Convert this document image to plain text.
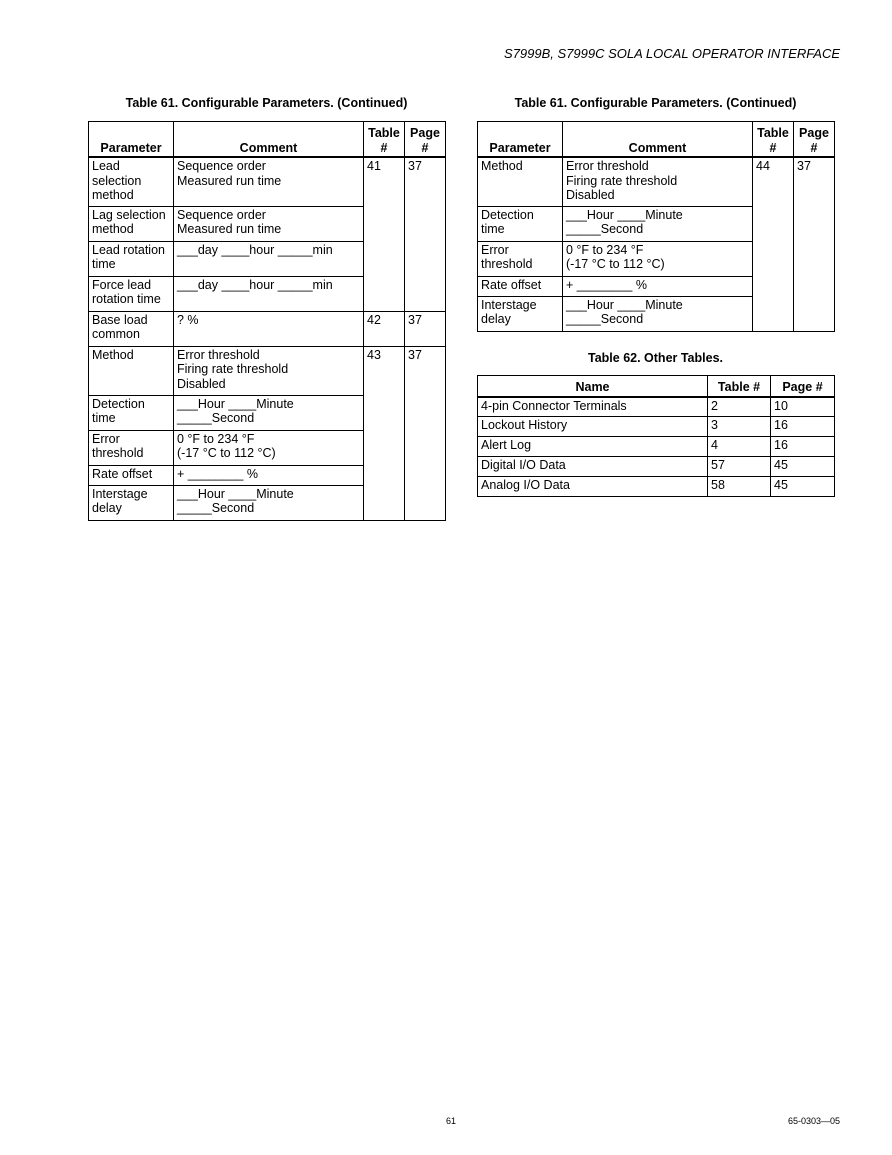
S7999B, S7999C SOLA LOCAL OPERATOR INTERFACE
Table 61. Configurable Parameters. (Continued)
Parameter	Comment	Table #	Page #
Lead selection method	Sequence order
Measured run time	41	37
Lag selection method	Sequence order
Measured run time		
Lead rotation time	___day ____hour _____min		
Force lead rotation time	___day ____hour _____min		
Base load common	? %	42	37
Method	Error threshold
Firing rate threshold
Disabled	43	37
Detection time	___Hour ____Minute
_____Second		
Error threshold	0 °F to 234 °F
(-17 °C to 112 °C)		
Rate offset	+ ________ %		
Interstage delay	___Hour ____Minute
_____Second		
Table 61. Configurable Parameters. (Continued)
Parameter	Comment	Table #	Page #
Method	Error threshold
Firing rate threshold
Disabled	44	37
Detection time	___Hour ____Minute
_____Second		
Error threshold	0 °F to 234 °F
(-17 °C to 112 °C)		
Rate offset	+ ________ %		
Interstage delay	___Hour ____Minute
_____Second		
Table 62. Other Tables.
Name	Table #	Page #
4-pin Connector Terminals	2	10
Lockout History	3	16
Alert Log	4	16
Digital I/O Data	57	45
Analog I/O Data	58	45
61	65-0303—05
